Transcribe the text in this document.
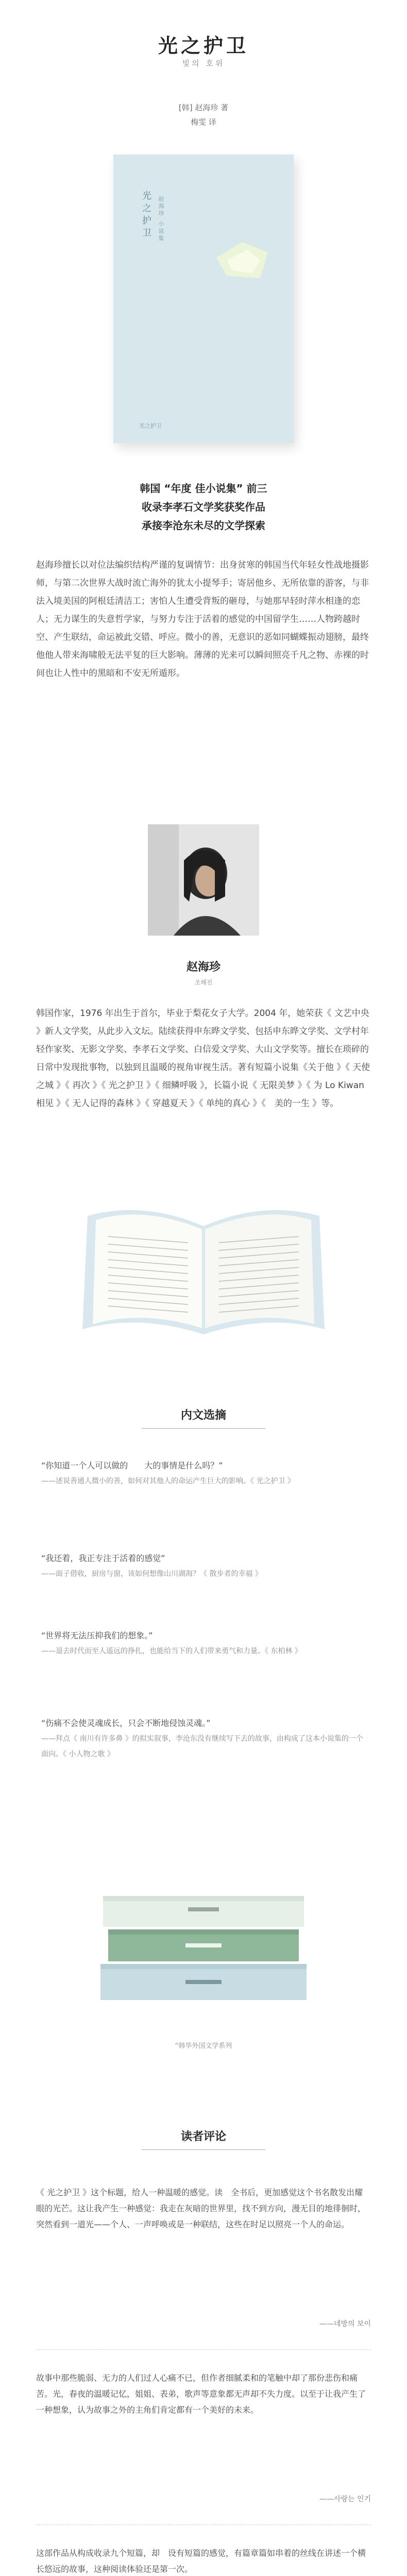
光之护卫
빛의 호위
[韩] 赵海珍 著
梅雯 译
光之护卫 赵海珍 小说集
光之护卫
韩国 “年度 佳小说集” 前三
收录李孝石文学奖获奖作品
承接李沧东未尽的文学探索
赵海珍擅长以对位法编织结构严谨的复调情节：出身贫寒的韩国当代年轻女性战地摄影师，与第二次世界大战时流亡海外的犹太小提琴手；寄居他乡、无所依靠的游客，与非法入境美国的阿根廷清洁工；害怕人生遭受背叛的砸母，与她那早轻时萍水相逢的恋人；无力谋生的失意哲学家，与努力专注于活着的感觉的中国留学生……人物跨越时空、产生联结，命运被此交错、呼应。微小的善，无意识的恶如同蝴蝶振动翅膀，最终他他人带来海啸般无法平复的巨大影响。薄薄的光来可以瞬间照亮千凡之物、赤裸的时间也让人性中的黑暗和不安无所遁形。
赵海珍
조해진
韩国作家，1976 年出生于首尔，毕业于梨花女子大学。2004 年，她荣获《 文艺中央 》新人文学奖，从此步入文坛。陆续获得申东晔文学奖、包括申东晔文学奖、文学村年轻作家奖、无影文学奖、李孝石文学奖、白信爱文学奖、大山文学奖等。擅长在琐碎的日常中发现批事物，以独到且温暖的视角审视生活。著有短篇小说集《关于他 》《 天使之城 》《 再次 》《 光之护卫 》《 细鳞呼吸 》，长篇小说《 无限美梦 》《 为 Lo Kiwan 相见 》《 无人记得的森林 》《 穿越夏天 》《 单纯的真心 》《　美的一生 》等。
内文选摘
“你知道一个人可以做的　　大的事情是什么吗？”
——述说善通人微小的善，如何对其他人的命运产生巨大的影响。《 光之护卫 》
“我还着，我正专注于活着的感觉”
——面子借收，厨房与窗，该如何想像山川湖海？《 散步者的幸福 》
“世界将无法压抑我们的想象。”
——退去时代而至人遥远的挣扎，也能给当下的人们带来勇气和力量。《 东柏林 》
“伤痛不会使灵魂成长，只会不断地侵蚀灵魂。”
——拜点《 南川有许多鼻 》的拟实叙事，李沧东没有继续写下去的故事，由构成了这本小说集的一个面向。《 小人物之歌 》
“韩华外国文学系列
读者评论
《 光之护卫 》这个标题，给人一种温暖的感觉。读　全书后，更加感觉这个书名散发出耀眼的光芒。这让我产生一种感觉：我走在灰暗的世界里，找不到方向，漫无目的地徘徊时，突然看到一道光——个人、一声呼唤或是一种联结，这些在时足以照亮一个人的命运。
——네방의 보이
故事中那些脆弱、无力的人们过人心痛不已，但作者细腻柔和的笔触中却了那份悲伤和痛苦。光，春夜的温暖记忆，姐姐、表弟，歌声等意象都无声却不失力度。以至于让我产生了一种想象，认为故事之外的主角们肯定都有一个美好的未来。
——사랑는 인기
这部作品从构成收录九个短篇，却　设有短篇的感觉，有篇章篇如串着的丝线在讲述一个横长悠远的故事，这种阅读体验还是第一次。
